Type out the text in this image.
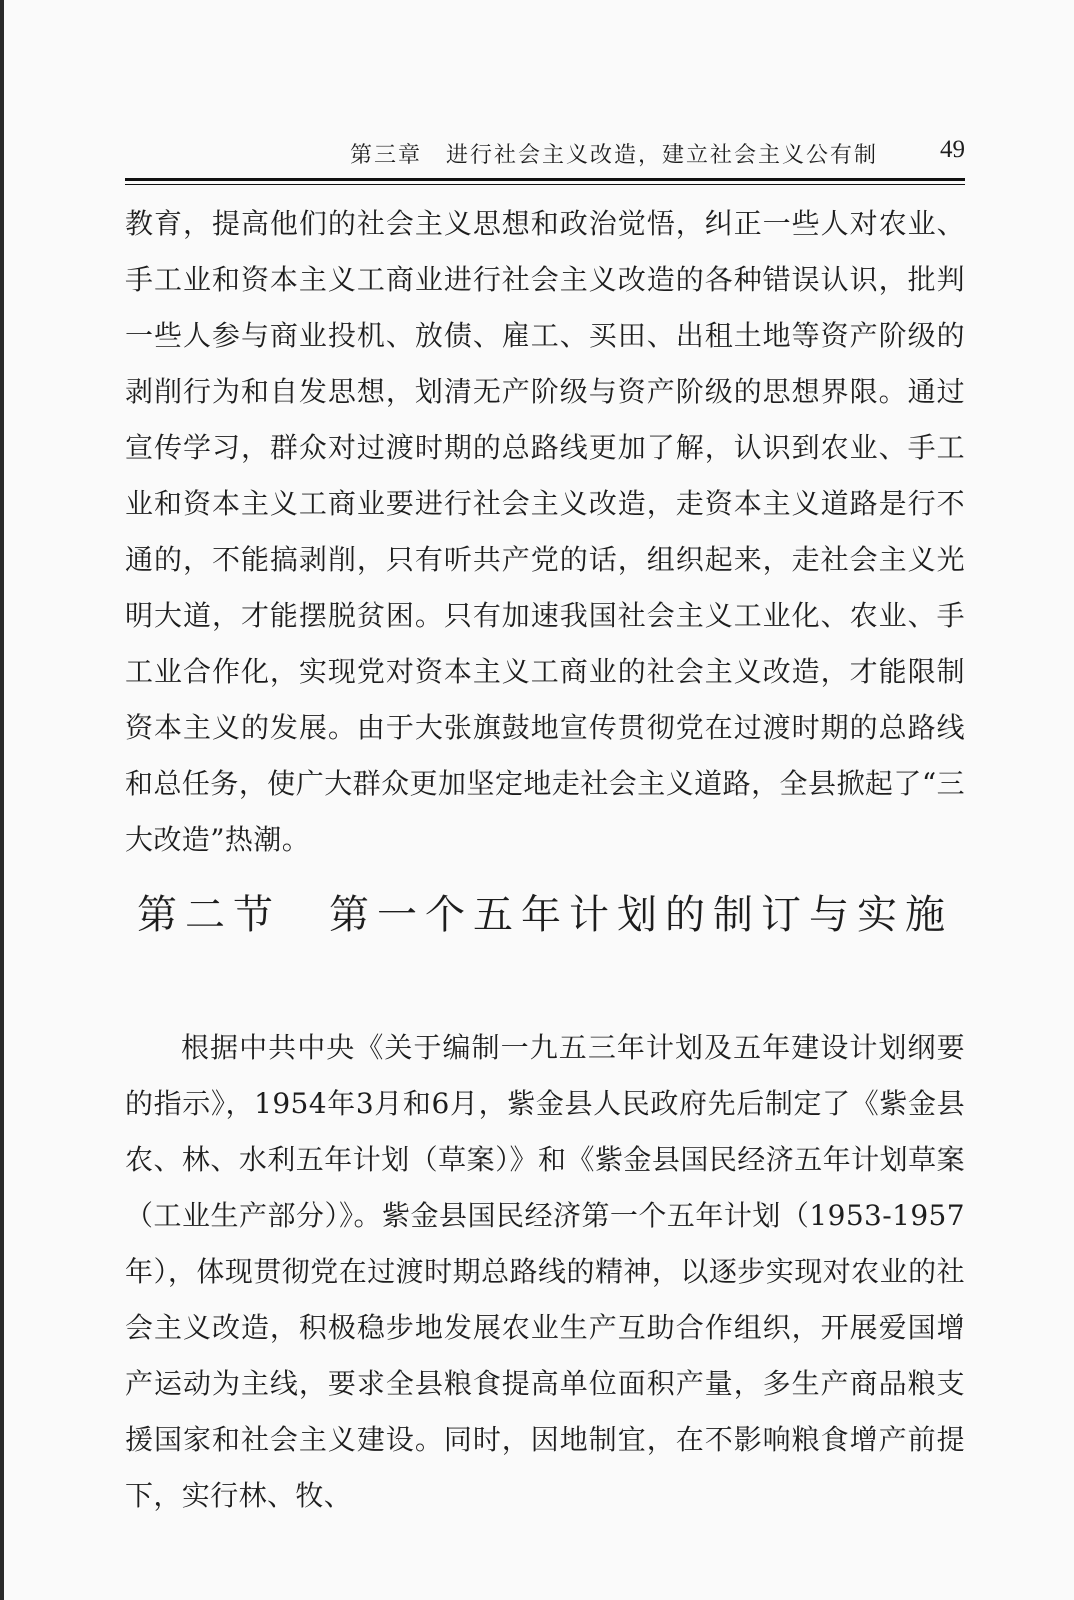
第三章　进行社会主义改造，建立社会主义公有制 49

教育，提高他们的社会主义思想和政治觉悟，纠正一些人对农业、手工业和资本主义工商业进行社会主义改造的各种错误认识，批判一些人参与商业投机、放债、雇工、买田、出租土地等资产阶级的剥削行为和自发思想，划清无产阶级与资产阶级的思想界限。通过宣传学习，群众对过渡时期的总路线更加了解，认识到农业、手工业和资本主义工商业要进行社会主义改造，走资本主义道路是行不通的，不能搞剥削，只有听共产党的话，组织起来，走社会主义光明大道，才能摆脱贫困。只有加速我国社会主义工业化、农业、手工业合作化，实现党对资本主义工商业的社会主义改造，才能限制资本主义的发展。由于大张旗鼓地宣传贯彻党在过渡时期的总路线和总任务，使广大群众更加坚定地走社会主义道路，全县掀起了“三大改造”热潮。

第二节　第一个五年计划的制订与实施

根据中共中央《关于编制一九五三年计划及五年建设计划纲要的指示》，1954年3月和6月，紫金县人民政府先后制定了《紫金县农、林、水利五年计划（草案）》和《紫金县国民经济五年计划草案（工业生产部分）》。紫金县国民经济第一个五年计划（1953-1957年），体现贯彻党在过渡时期总路线的精神，以逐步实现对农业的社会主义改造，积极稳步地发展农业生产互助合作组织，开展爱国增产运动为主线，要求全县粮食提高单位面积产量，多生产商品粮支援国家和社会主义建设。同时，因地制宜，在不影响粮食增产前提下，实行林、牧、
